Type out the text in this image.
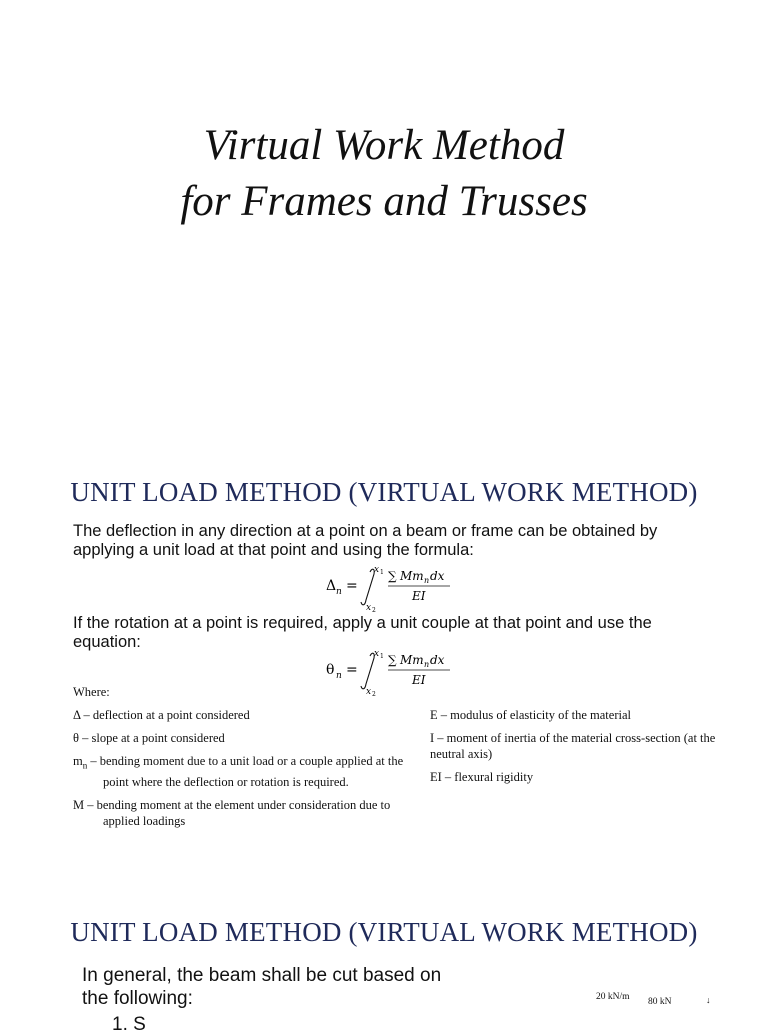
Virtual Work Method
for Frames and Trusses
UNIT LOAD METHOD (VIRTUAL WORK METHOD)
The deflection in any direction at a point on a beam or frame can be obtained by applying a unit load at that point and using the formula:
Δ n =
x 1
x 2
∑ Mm n dx
EI
If the rotation at a point is required, apply a unit couple at that point and use the equation:
θ n =
x 1
x 2
∑ Mm n dx
EI
Where:
Δ – deflection at a point considered
θ – slope at a point considered
$m_n$ – bending moment due to a unit load or a couple applied at the point where the deflection or rotation is required.
M – bending moment at the element under consideration due to applied loadings
E – modulus of elasticity of the material
I – moment of inertia of the material cross-section (at the neutral axis)
EI – flexural rigidity
UNIT LOAD METHOD (VIRTUAL WORK METHOD)
In general, the beam shall be cut based on the following:
1. S
20 kN/m 80 kN	↓
